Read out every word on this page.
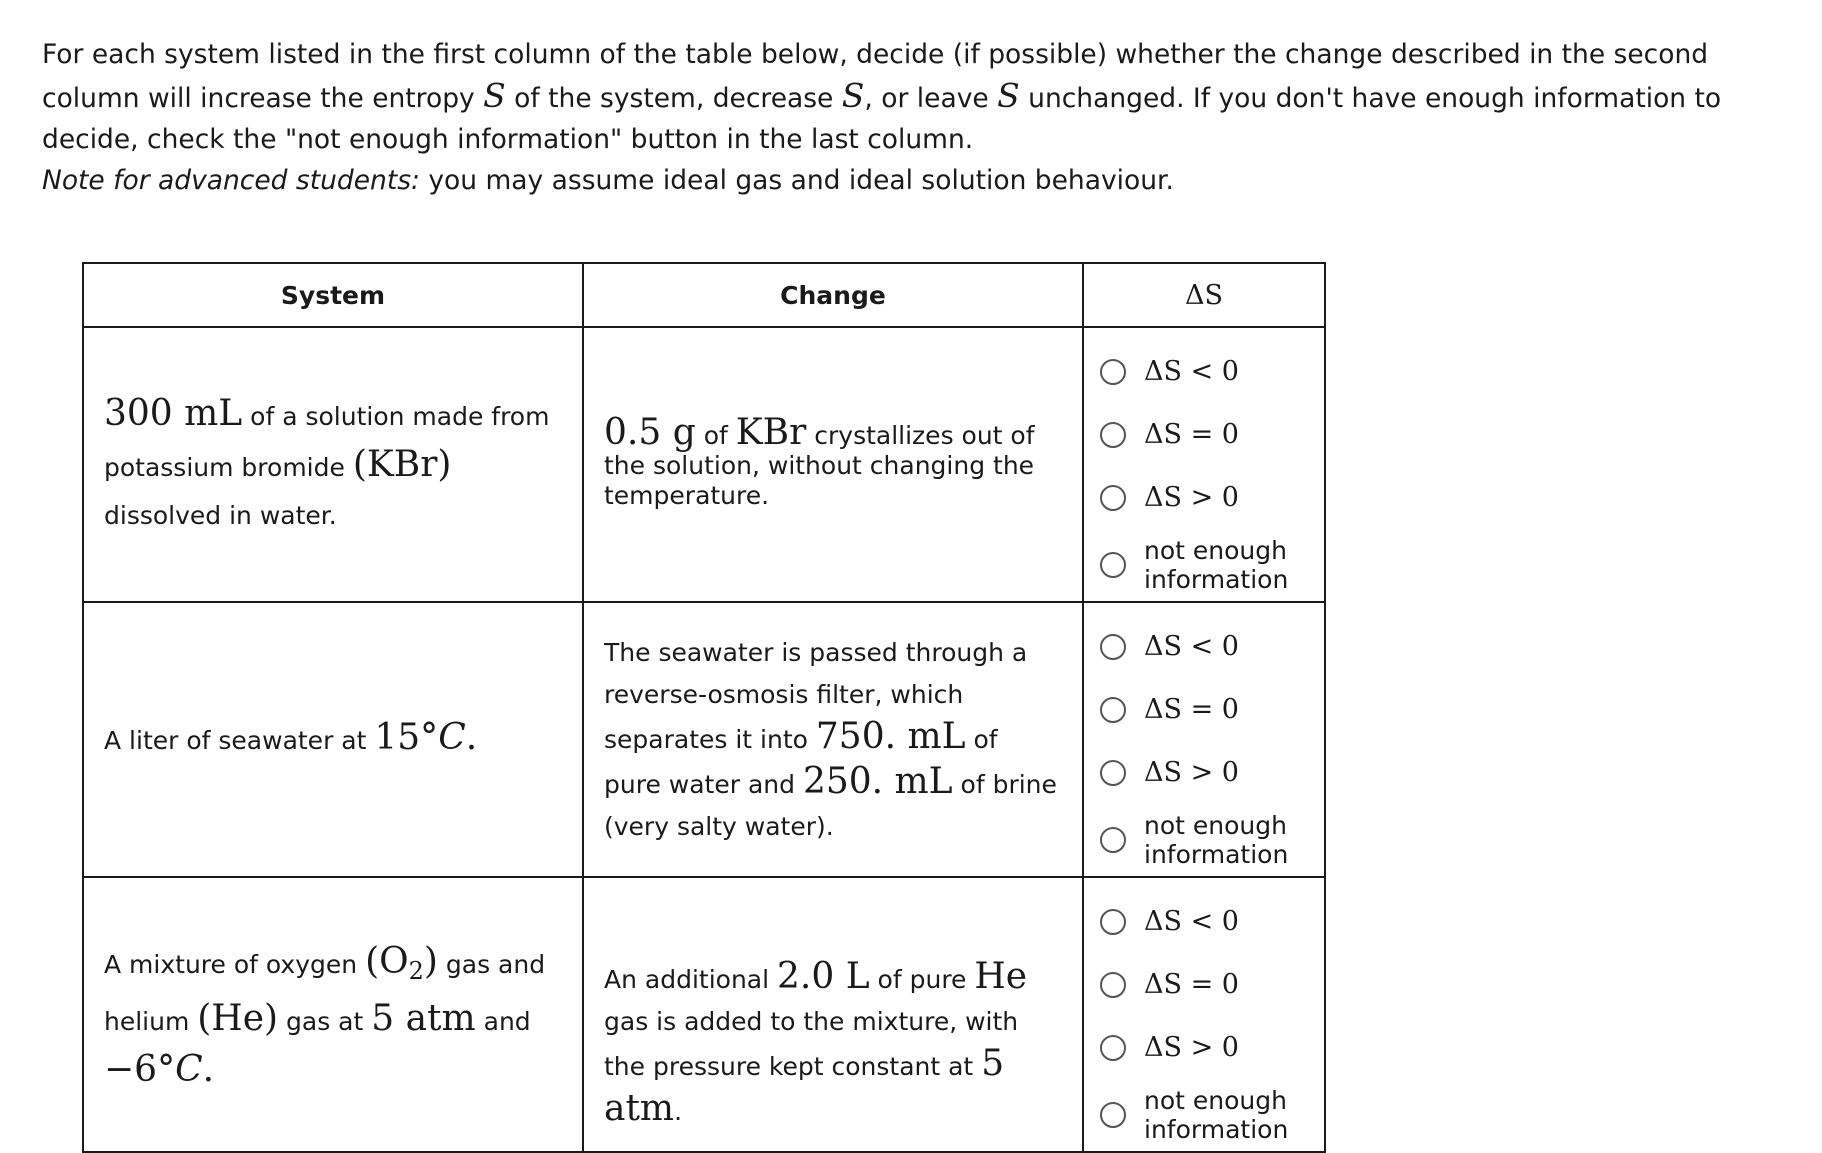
For each system listed in the first column of the table below, decide (if possible) whether the change described in the second column will increase the entropy S of the system, decrease S, or leave S unchanged. If you don't have enough information to decide, check the "not enough information" button in the last column.

Note for advanced students: you may assume ideal gas and ideal solution behaviour.

System	Change	ΔS

300 mL of a solution made from potassium bromide (KBr) dissolved in water.	0.5 g of KBr crystallizes out of the solution, without changing the temperature.	ΔS < 0
ΔS = 0
ΔS > 0
not enough
information

A liter of seawater at 15°C.	The seawater is passed through a reverse-osmosis filter, which separates it into 750. mL of pure water and 250. mL of brine (very salty water).	ΔS < 0
ΔS = 0
ΔS > 0
not enough
information

A mixture of oxygen $(O_2)$ gas and helium (He) gas at 5 atm and −6°C.	An additional 2.0 L of pure He gas is added to the mixture, with the pressure kept constant at 5 atm.	ΔS < 0
ΔS = 0
ΔS > 0
not enough
information
